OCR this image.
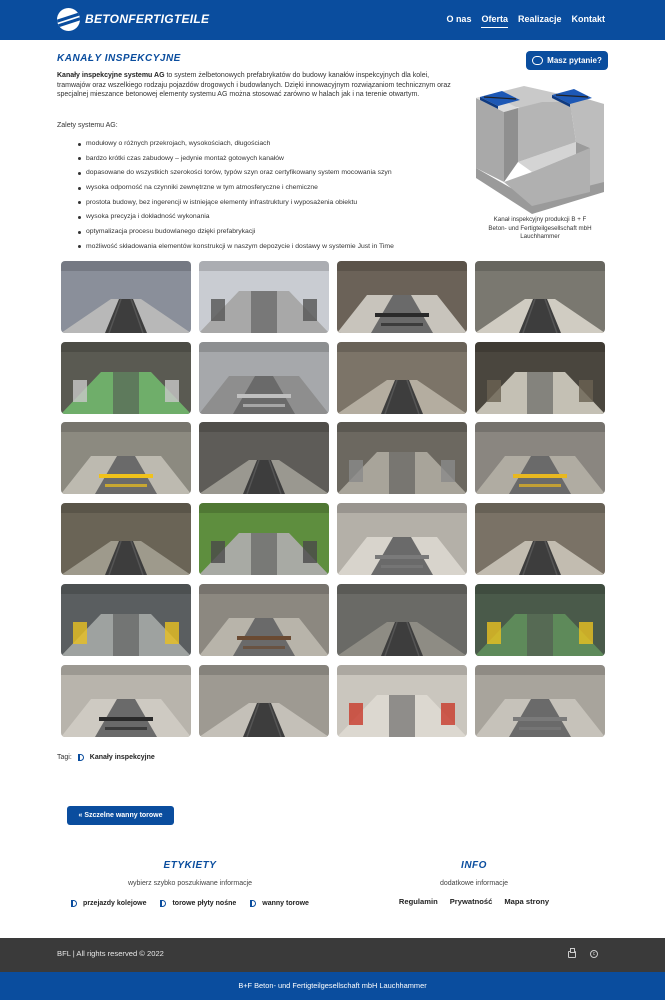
BETONFERTIGTEILE	O nas Oferta Realizacje Kontakt
KANAŁY INSPEKCYJNE	Masz pytanie?

Kanały inspekcyjne systemu AG to system żelbetonowych prefabrykatów do budowy kanałów inspekcyjnych dla kolei, tramwajów oraz wszelkiego rodzaju pojazdów drogowych i budowlanych. Dzięki innowacyjnym rozwiązaniom technicznym oraz specjalnej mieszance betonowej elementy systemu AG można stosować zarówno w halach jak i na terenie otwartym.

Zalety systemu AG:

modułowy o różnych przekrojach, wysokościach, długościach
bardzo krótki czas zabudowy – jedynie montaż gotowych kanałów
dopasowane do wszystkich szerokości torów, typów szyn oraz certyfikowany system mocowania szyn
wysoka odporność na czynniki zewnętrzne w tym atmosferyczne i chemiczne
prostota budowy, bez ingerencji w istniejące elementy infrastruktury i wyposażenia obiektu
wysoka precyzja i dokładność wykonania
optymalizacja procesu budowlanego dzięki prefabrykacji
możliwość składowania elementów konstrukcji w naszym depozycie i dostawy w systemie Just in Time
Kanał inspekcyjny produkcji B + F
Beton- und Fertigteilgesellschaft mbH
Lauchhammer
Tagi:	Kanały inspekcyjne
« Szczelne wanny torowe
ETYKIETY
wybierz szybko poszukiwane informacje
przejazdy kolejowe	torowe płyty nośne	wanny torowe
INFO
dodatkowe informacje
Regulamin Prywatność Mapa strony
BFL | All rights reserved © 2022	c
B+F Beton- und Fertigteilgesellschaft mbH Lauchhammer
